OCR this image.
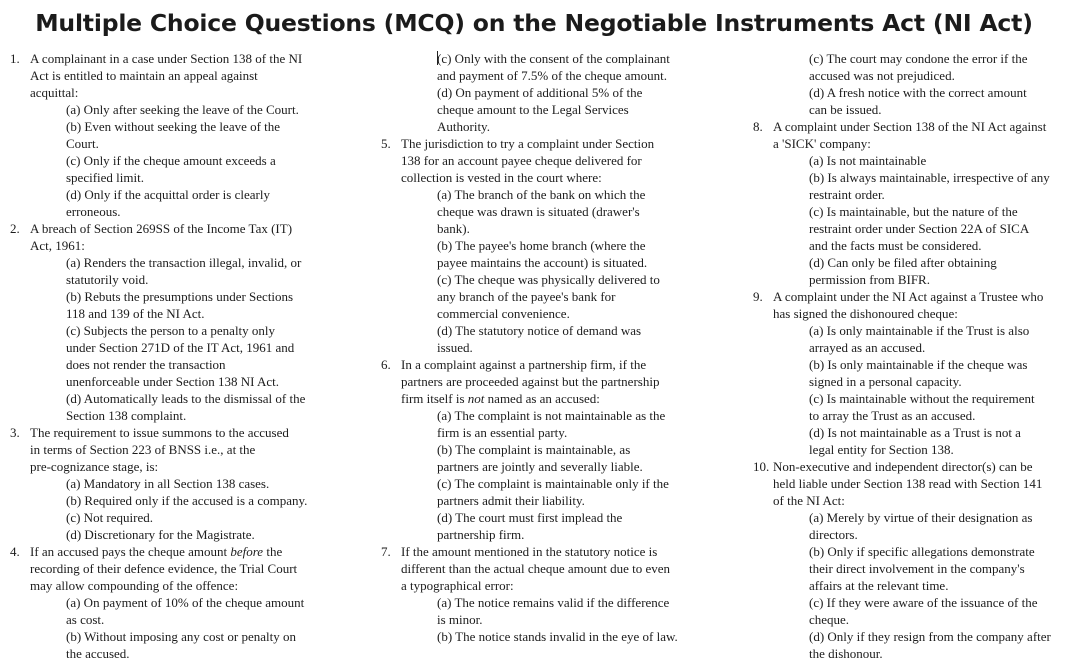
Multiple Choice Questions (MCQ) on the Negotiable Instruments Act (NI Act)
1. A complainant in a case under Section 138 of the NI
Act is entitled to maintain an appeal against
acquittal:
(a) Only after seeking the leave of the Court.
(b) Even without seeking the leave of the
Court.
(c) Only if the cheque amount exceeds a
specified limit.
(d) Only if the acquittal order is clearly
erroneous.
2. A breach of Section 269SS of the Income Tax (IT)
Act, 1961:
(a) Renders the transaction illegal, invalid, or
statutorily void.
(b) Rebuts the presumptions under Sections
118 and 139 of the NI Act.
(c) Subjects the person to a penalty only
under Section 271D of the IT Act, 1961 and
does not render the transaction
unenforceable under Section 138 NI Act.
(d) Automatically leads to the dismissal of the
Section 138 complaint.
3. The requirement to issue summons to the accused
in terms of Section 223 of BNSS i.e., at the
pre-cognizance stage, is:
(a) Mandatory in all Section 138 cases.
(b) Required only if the accused is a company.
(c) Not required.
(d) Discretionary for the Magistrate.
4. If an accused pays the cheque amount before the
recording of their defence evidence, the Trial Court
may allow compounding of the offence:
(a) On payment of 10% of the cheque amount
as cost.
(b) Without imposing any cost or penalty on
the accused.
(c) Only with the consent of the complainant
and payment of 7.5% of the cheque amount.
(d) On payment of additional 5% of the
cheque amount to the Legal Services
Authority.
5. The jurisdiction to try a complaint under Section
138 for an account payee cheque delivered for
collection is vested in the court where:
(a) The branch of the bank on which the
cheque was drawn is situated (drawer's
bank).
(b) The payee's home branch (where the
payee maintains the account) is situated.
(c) The cheque was physically delivered to
any branch of the payee's bank for
commercial convenience.
(d) The statutory notice of demand was
issued.
6. In a complaint against a partnership firm, if the
partners are proceeded against but the partnership
firm itself is not named as an accused:
(a) The complaint is not maintainable as the
firm is an essential party.
(b) The complaint is maintainable, as
partners are jointly and severally liable.
(c) The complaint is maintainable only if the
partners admit their liability.
(d) The court must first implead the
partnership firm.
7. If the amount mentioned in the statutory notice is
different than the actual cheque amount due to even
a typographical error:
(a) The notice remains valid if the difference
is minor.
(b) The notice stands invalid in the eye of law.
(c) The court may condone the error if the
accused was not prejudiced.
(d) A fresh notice with the correct amount
can be issued.
8. A complaint under Section 138 of the NI Act against
a 'SICK' company:
(a) Is not maintainable
(b) Is always maintainable, irrespective of any
restraint order.
(c) Is maintainable, but the nature of the
restraint order under Section 22A of SICA
and the facts must be considered.
(d) Can only be filed after obtaining
permission from BIFR.
9. A complaint under the NI Act against a Trustee who
has signed the dishonoured cheque:
(a) Is only maintainable if the Trust is also
arrayed as an accused.
(b) Is only maintainable if the cheque was
signed in a personal capacity.
(c) Is maintainable without the requirement
to array the Trust as an accused.
(d) Is not maintainable as a Trust is not a
legal entity for Section 138.
10. Non-executive and independent director(s) can be
held liable under Section 138 read with Section 141
of the NI Act:
(a) Merely by virtue of their designation as
directors.
(b) Only if specific allegations demonstrate
their direct involvement in the company's
affairs at the relevant time.
(c) If they were aware of the issuance of the
cheque.
(d) Only if they resign from the company after
the dishonour.
